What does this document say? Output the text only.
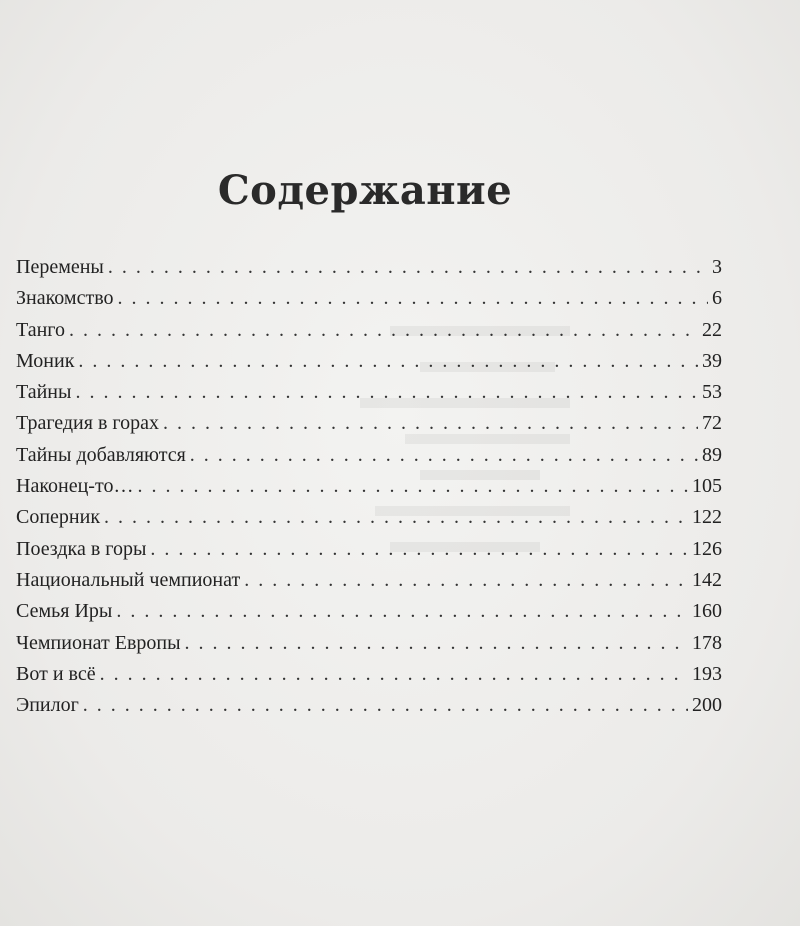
Содержание
Перемены . . .	3
Знакомство . . .	6
Танго . . .	22
Моник . . .	39
Тайны . . .	53
Трагедия в горах . . .	72
Тайны добавляются . . .	89
Наконец-то… . . .	105
Соперник . . .	122
Поездка в горы . . .	126
Национальный чемпионат . . .	142
Семья Иры . . .	160
Чемпионат Европы . . .	178
Вот и всё . . .	193
Эпилог . . .	200
